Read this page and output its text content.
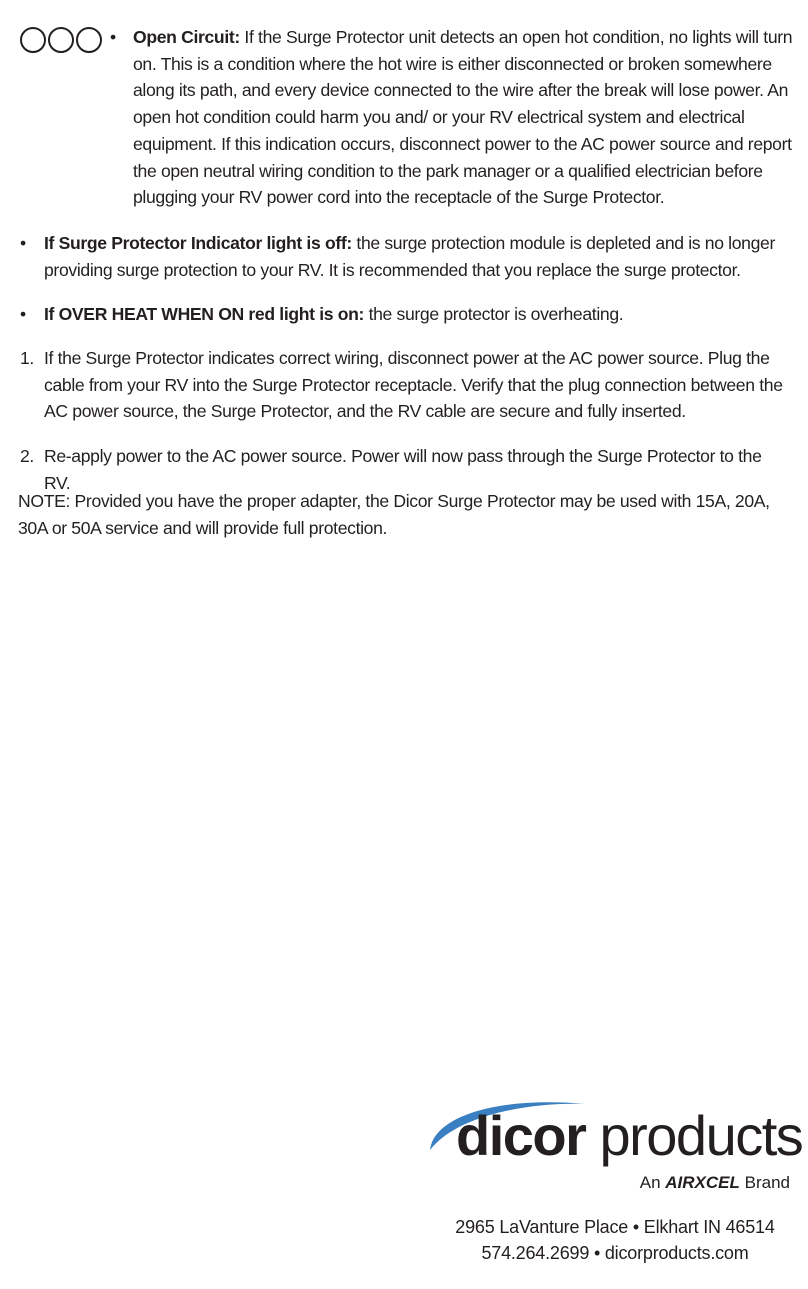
• Open Circuit: If the Surge Protector unit detects an open hot condition, no lights will turn on. This is a condition where the hot wire is either disconnected or broken somewhere along its path, and every device connected to the wire after the break will lose power. An open hot condition could harm you and/ or your RV electrical system and electrical equipment. If this indication occurs, disconnect power to the AC power source and report the open neutral wiring condition to the park manager or a qualified electrician before plugging your RV power cord into the receptacle of the Surge Protector.
•	If Surge Protector Indicator light is off: the surge protection module is depleted and is no longer providing surge protection to your RV. It is recommended that you replace the surge protector.
•	If OVER HEAT WHEN ON red light is on: the surge protector is overheating.
1. If the Surge Protector indicates correct wiring, disconnect power at the AC power source. Plug the cable from your RV into the Surge Protector receptacle. Verify that the plug connection between the AC power source, the Surge Protector, and the RV cable are secure and fully inserted.
2. Re-apply power to the AC power source. Power will now pass through the Surge Protector to the RV.
NOTE: Provided you have the proper adapter, the Dicor Surge Protector may be used with 15A, 20A, 30A or 50A service and will provide full protection.
dicor products
An AIRXCEL Brand
2965 LaVanture Place • Elkhart IN 46514
574.264.2699 • dicorproducts.com
